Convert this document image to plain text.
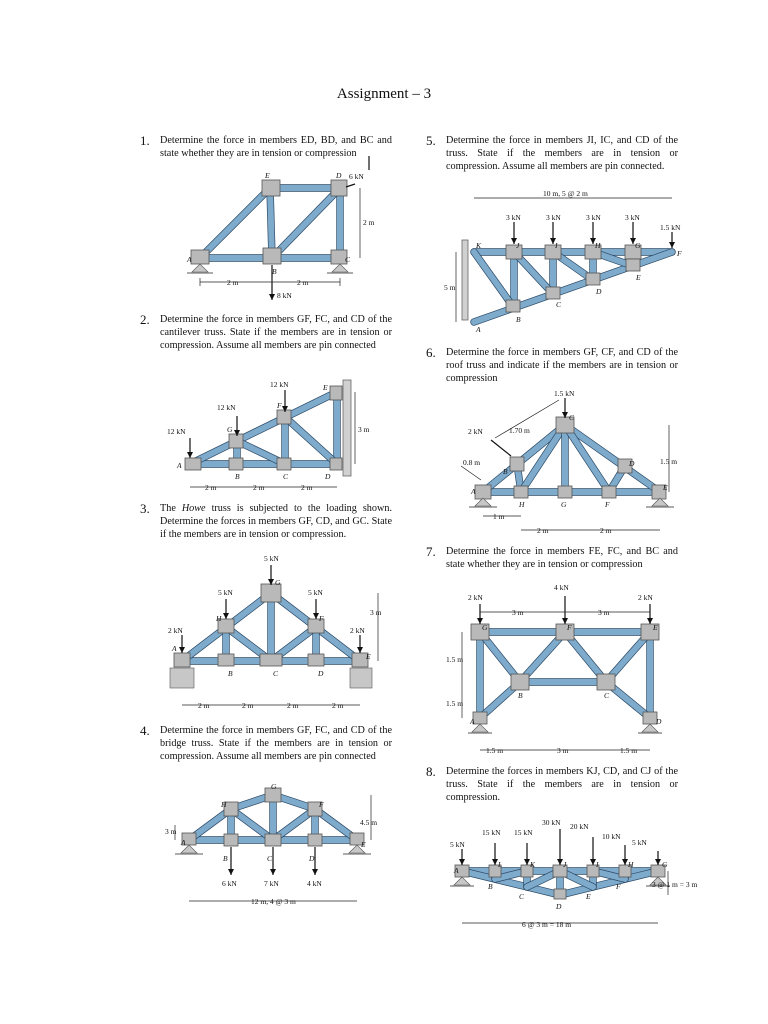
Assignment – 3
1. Determine the force in members ED, BD, and BC and state whether they are in tension or compression
E	D
A
B
C
6 kN
8 kN
2 m
2 m	2 m
2. Determine the force in members GF, FC, and CD of the cantilever truss. State if the members are in tension or compression. Assume all members are pin connected
12 kN
12 kN
12 kN
A
B	C	D
E
F
G	3 m
2 m	2 m	2 m
3. The Howe truss is subjected to the loading shown. Determine the forces in members GF, CD, and GC. State if the members are in tension or compression.
5 kN
5 kN	5 kN
2 kN	2 kN
A
B	C	D
E
F
G
H
3 m
2 m	2 m	2 m	2 m
4. Determine the force in members GF, FC, and CD of the bridge truss. State if the members are in tension or compression. Assume all members are pin connected
H
G
F
A
B	C	D
E
6 kN	7 kN	4 kN
3 m
4.5 m
12 m, 4 @ 3 m
5. Determine the force in members JI, IC, and CD of the truss. State if the members are in tension or compression. Assume all members are pin connected.
10 m, 5 @ 2 m
5 m
3 kN	3 kN	3 kN	3 kN
1.5 kN
K	J	I	H	G
F
E
D
C
B
A
6. Determine the force in members GF, CF, and CD of the roof truss and indicate if the members are in tension or compression
1.5 kN
2 kN	1.70 m
0.8 m	1.5 m
1 m
2 m	2 m
A
B
C
D
E
F
G
H
7. Determine the force in members FE, FC, and BC and state whether they are in tension or compression
4 kN
2 kN	2 kN
3 m	3 m
1.5 m
1.5 m
1.5 m	3 m	1.5 m
G	F	E
B	C
A	D
8. Determine the forces in members KJ, CD, and CJ of the truss. State if the members are in tension or compression.
5 kN
15 kN 15 kN
30 kN 20 kN
10 kN
5 kN
A
B
C
D
E
F
G
H
I
J
K
L
3 @ 1 m = 3 m
6 @ 3 m = 18 m
